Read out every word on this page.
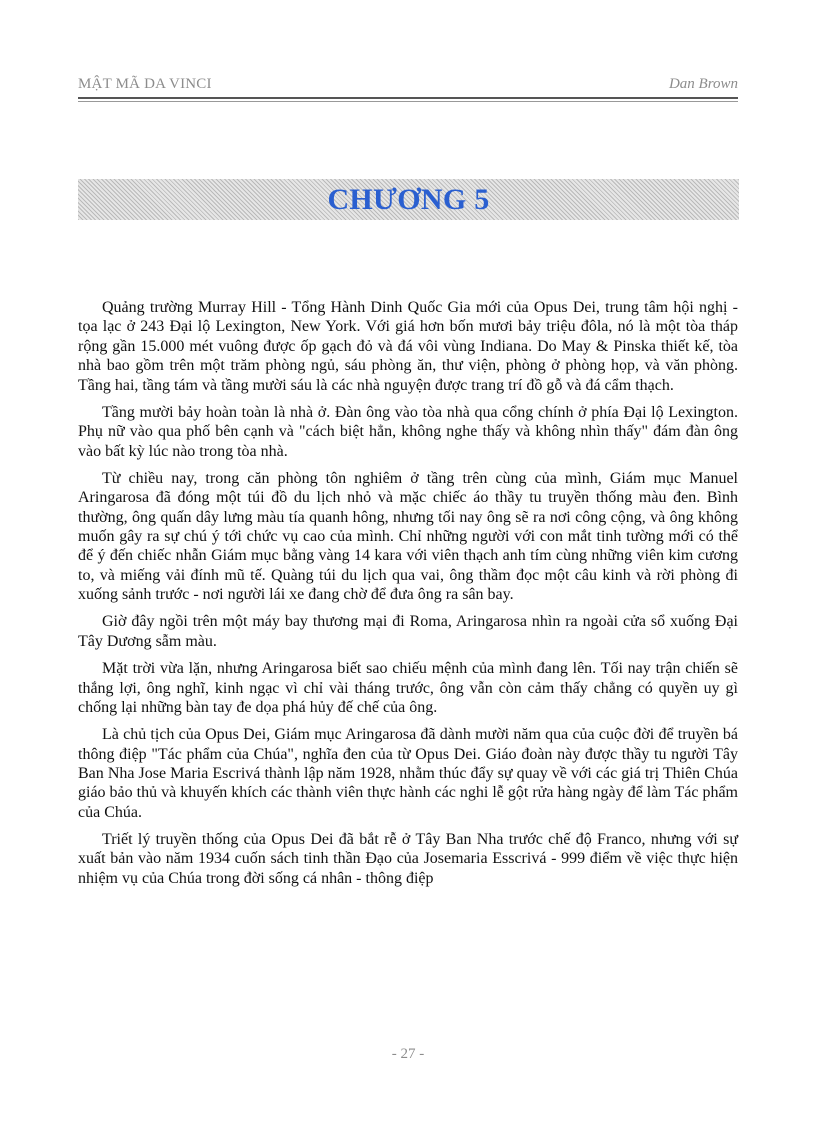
MẬT MÃ DA VINCI	Dan Brown
CHƯƠNG 5

Quảng trường Murray Hill - Tổng Hành Dinh Quốc Gia mới của Opus Dei, trung tâm hội nghị - tọa lạc ở 243 Đại lộ Lexington, New York. Với giá hơn bốn mươi bảy triệu đôla, nó là một tòa tháp rộng gần 15.000 mét vuông được ốp gạch đỏ và đá vôi vùng Indiana. Do May & Pinska thiết kế, tòa nhà bao gồm trên một trăm phòng ngủ, sáu phòng ăn, thư viện, phòng ở phòng họp, và văn phòng. Tầng hai, tầng tám và tầng mười sáu là các nhà nguyện được trang trí đồ gỗ và đá cẩm thạch.

Tầng mười bảy hoàn toàn là nhà ở. Đàn ông vào tòa nhà qua cổng chính ở phía Đại lộ Lexington. Phụ nữ vào qua phố bên cạnh và "cách biệt hẳn, không nghe thấy và không nhìn thấy" đám đàn ông vào bất kỳ lúc nào trong tòa nhà.

Từ chiều nay, trong căn phòng tôn nghiêm ở tầng trên cùng của mình, Giám mục Manuel Aringarosa đã đóng một túi đồ du lịch nhỏ và mặc chiếc áo thầy tu truyền thống màu đen. Bình thường, ông quấn dây lưng màu tía quanh hông, nhưng tối nay ông sẽ ra nơi công cộng, và ông không muốn gây ra sự chú ý tới chức vụ cao của mình. Chỉ những người với con mắt tinh tường mới có thể để ý đến chiếc nhẫn Giám mục bằng vàng 14 kara với viên thạch anh tím cùng những viên kim cương to, và miếng vải đính mũ tế. Quàng túi du lịch qua vai, ông thầm đọc một câu kinh và rời phòng đi xuống sảnh trước - nơi người lái xe đang chờ để đưa ông ra sân bay.

Giờ đây ngồi trên một máy bay thương mại đi Roma, Aringarosa nhìn ra ngoài cửa sổ xuống Đại Tây Dương sẫm màu.

Mặt trời vừa lặn, nhưng Aringarosa biết sao chiếu mệnh của mình đang lên. Tối nay trận chiến sẽ thắng lợi, ông nghĩ, kinh ngạc vì chỉ vài tháng trước, ông vẫn còn cảm thấy chẳng có quyền uy gì chống lại những bàn tay đe dọa phá hủy đế chế của ông.

Là chủ tịch của Opus Dei, Giám mục Aringarosa đã dành mười năm qua của cuộc đời để truyền bá thông điệp "Tác phẩm của Chúa", nghĩa đen của từ Opus Dei. Giáo đoàn này được thầy tu người Tây Ban Nha Jose Maria Escrivá thành lập năm 1928, nhằm thúc đẩy sự quay về với các giá trị Thiên Chúa giáo bảo thủ và khuyến khích các thành viên thực hành các nghi lễ gột rửa hàng ngày để làm Tác phẩm của Chúa.

Triết lý truyền thống của Opus Dei đã bắt rễ ở Tây Ban Nha trước chế độ Franco, nhưng với sự xuất bản vào năm 1934 cuốn sách tinh thần Đạo của Josemaria Esscrivá - 999 điểm về việc thực hiện nhiệm vụ của Chúa trong đời sống cá nhân - thông điệp

- 27 -
